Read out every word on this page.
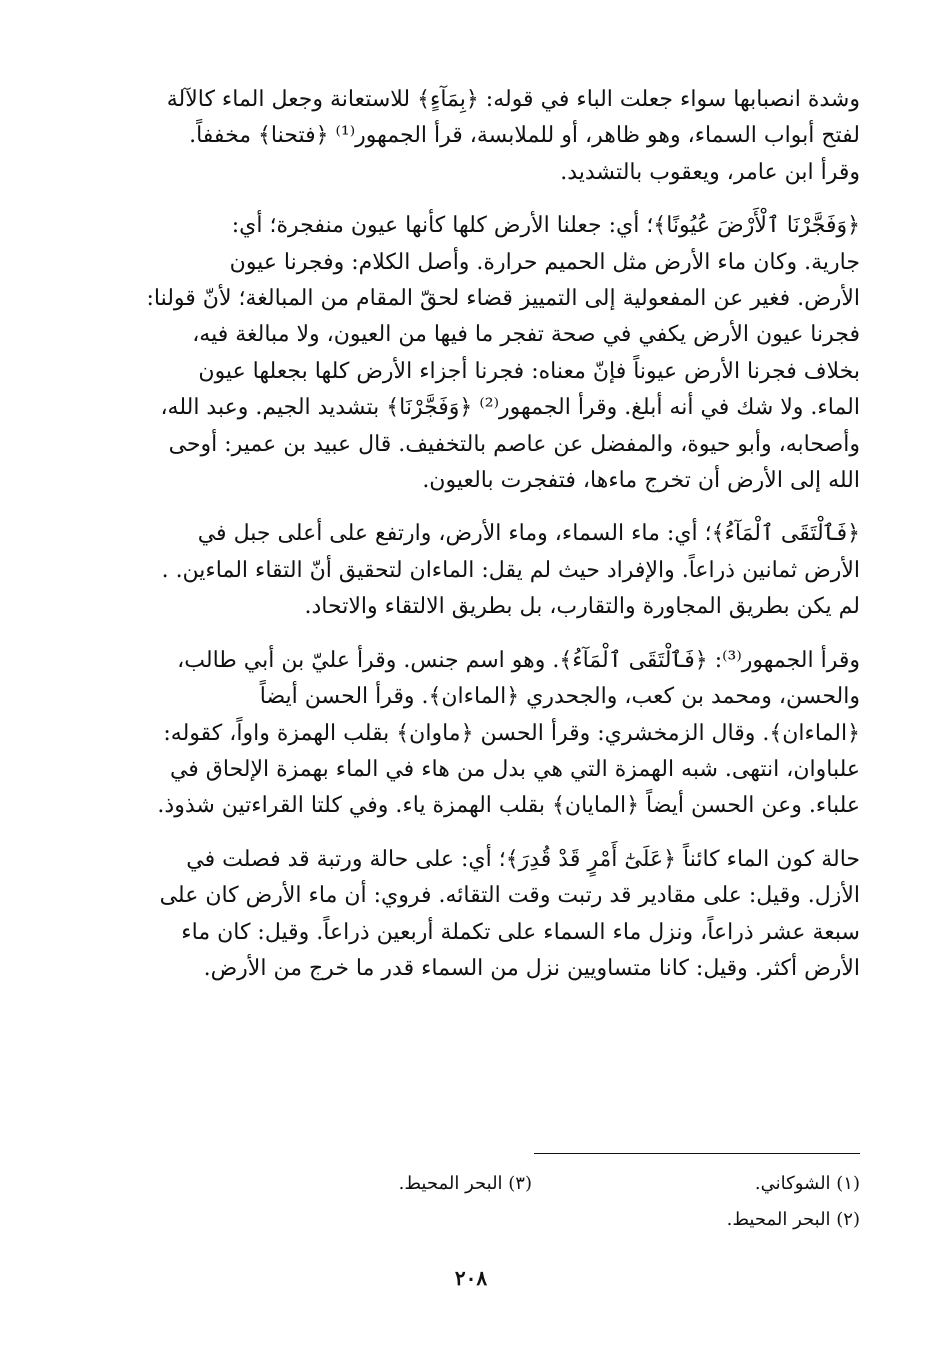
وشدة انصبابها سواء جعلت الباء في قوله: ﴿بِمَآءٍ﴾ للاستعانة وجعل الماء كالآلة
لفتح أبواب السماء، وهو ظاهر، أو للملابسة، قرأ الجمهور⁽¹⁾ ﴿فتحنا﴾ مخففاً.
وقرأ ابن عامر، ويعقوب بالتشديد.
﴿وَفَجَّرْنَا ٱلْأَرْضَ عُيُونًا﴾؛ أي: جعلنا الأرض كلها كأنها عيون منفجرة؛ أي:
جارية. وكان ماء الأرض مثل الحميم حرارة. وأصل الكلام: وفجرنا عيون
الأرض. فغير عن المفعولية إلى التمييز قضاء لحقّ المقام من المبالغة؛ لأنّ قولنا:
فجرنا عيون الأرض يكفي في صحة تفجر ما فيها من العيون، ولا مبالغة فيه،
بخلاف فجرنا الأرض عيوناً فإنّ معناه: فجرنا أجزاء الأرض كلها بجعلها عيون
الماء. ولا شك في أنه أبلغ. وقرأ الجمهور⁽²⁾ ﴿وَفَجَّرْنَا﴾ بتشديد الجيم. وعبد الله،
وأصحابه، وأبو حيوة، والمفضل عن عاصم بالتخفيف. قال عبيد بن عمير: أوحى
الله إلى الأرض أن تخرج ماءها، فتفجرت بالعيون.
﴿فَٱلْتَقَى ٱلْمَآءُ﴾؛ أي: ماء السماء، وماء الأرض، وارتفع على أعلى جبل في
الأرض ثمانين ذراعاً. والإفراد حيث لم يقل: الماءان لتحقيق أنّ التقاء الماءين. .
لم يكن بطريق المجاورة والتقارب، بل بطريق الالتقاء والاتحاد.
وقرأ الجمهور⁽³⁾: ﴿فَٱلْتَقَى ٱلْمَآءُ﴾. وهو اسم جنس. وقرأ عليّ بن أبي طالب،
والحسن، ومحمد بن كعب، والجحدري ﴿الماءان﴾. وقرأ الحسن أيضاً
﴿الماءان﴾. وقال الزمخشري: وقرأ الحسن ﴿ماوان﴾ بقلب الهمزة واواً، كقوله:
علباوان، انتهى. شبه الهمزة التي هي بدل من هاء في الماء بهمزة الإلحاق في
علباء. وعن الحسن أيضاً ﴿المايان﴾ بقلب الهمزة ياء. وفي كلتا القراءتين شذوذ.
حالة كون الماء كائناً ﴿عَلَىٰٓ أَمْرٍ قَدْ قُدِرَ﴾؛ أي: على حالة ورتبة قد فصلت في
الأزل. وقيل: على مقادير قد رتبت وقت التقائه. فروي: أن ماء الأرض كان على
سبعة عشر ذراعاً، ونزل ماء السماء على تكملة أربعين ذراعاً. وقيل: كان ماء
الأرض أكثر. وقيل: كانا متساويين نزل من السماء قدر ما خرج من الأرض.
(١) الشوكاني.
(٣) البحر المحيط.
(٢) البحر المحيط.
٢٠٨
